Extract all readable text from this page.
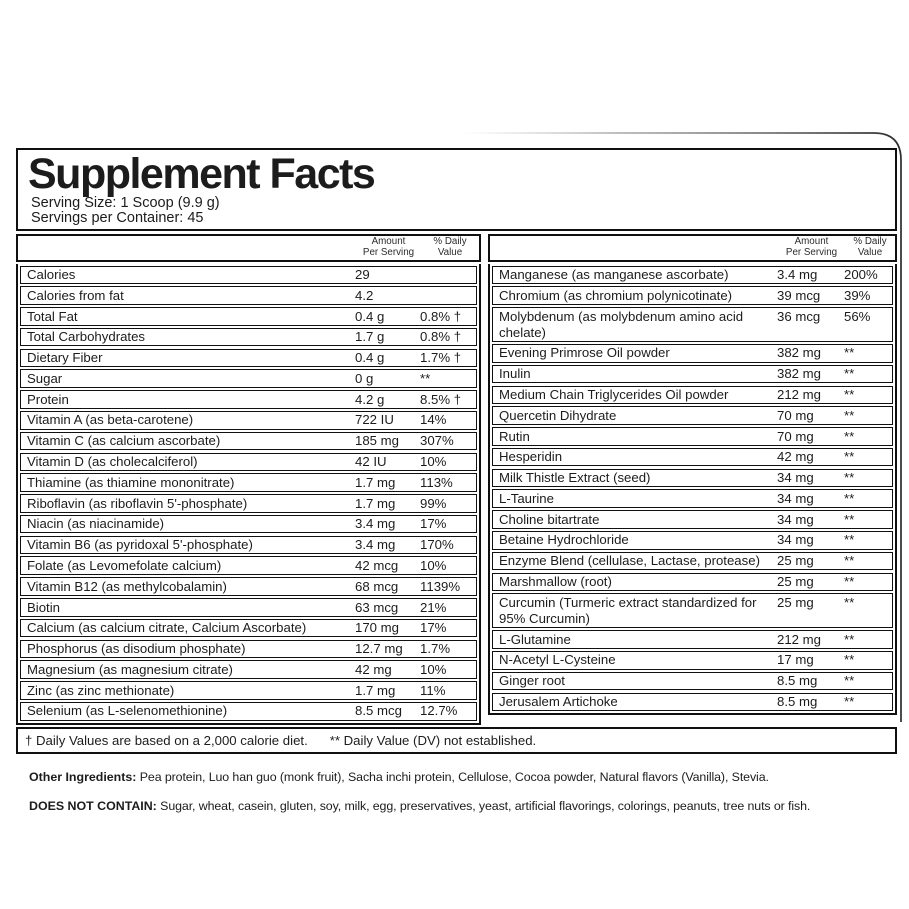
Supplement Facts
Serving Size: 1 Scoop (9.9 g)
Servings per Container: 45
Amount
Per Serving
% Daily
Value
Calories	29
Calories from fat	4.2
Total Fat	0.4 g	0.8% †
Total Carbohydrates	1.7 g	0.8% †
Dietary Fiber	0.4 g	1.7% †
Sugar	0 g	**
Protein	4.2 g	8.5% †
Vitamin A (as beta-carotene)	722 IU	14%
Vitamin C (as calcium ascorbate)	185 mg	307%
Vitamin D (as cholecalciferol)	42 IU	10%
Thiamine (as thiamine mononitrate)	1.7 mg	113%
Riboflavin (as riboflavin 5'-phosphate)	1.7 mg	99%
Niacin (as niacinamide)	3.4 mg	17%
Vitamin B6 (as pyridoxal 5'-phosphate)	3.4 mg	170%
Folate (as Levomefolate calcium)	42 mcg	10%
Vitamin B12 (as methylcobalamin)	68 mcg	1139%
Biotin	63 mcg	21%
Calcium (as calcium citrate, Calcium Ascorbate)	170 mg	17%
Phosphorus (as disodium phosphate)	12.7 mg	1.7%
Magnesium (as magnesium citrate)	42 mg	10%
Zinc (as zinc methionate)	1.7 mg	11%
Selenium (as L-selenomethionine)	8.5 mcg	12.7%
Amount
Per Serving
% Daily
Value
Manganese (as manganese ascorbate)	3.4 mg	200%
Chromium (as chromium polynicotinate)	39 mcg	39%
Molybdenum (as molybdenum amino acid chelate)
36 mcg	56%
Evening Primrose Oil powder	382 mg	**
Inulin	382 mg	**
Medium Chain Triglycerides Oil powder	212 mg	**
Quercetin Dihydrate	70 mg	**
Rutin	70 mg	**
Hesperidin	42 mg	**
Milk Thistle Extract (seed)	34 mg	**
L-Taurine	34 mg	**
Choline bitartrate	34 mg	**
Betaine Hydrochloride	34 mg	**
Enzyme Blend (cellulase, Lactase, protease)	25 mg	**
Marshmallow (root)	25 mg	**
Curcumin (Turmeric extract standardized for 95% Curcumin)
25 mg	**
L-Glutamine	212 mg	**
N-Acetyl L-Cysteine	17 mg	**
Ginger root	8.5 mg	**
Jerusalem Artichoke	8.5 mg	**
† Daily Values are based on a 2,000 calorie diet. ** Daily Value (DV) not established.
Other Ingredients: Pea protein, Luo han guo (monk fruit), Sacha inchi protein, Cellulose, Cocoa powder, Natural flavors (Vanilla), Stevia.
DOES NOT CONTAIN: Sugar, wheat, casein, gluten, soy, milk, egg, preservatives, yeast, artificial flavorings, colorings, peanuts, tree nuts or fish.
